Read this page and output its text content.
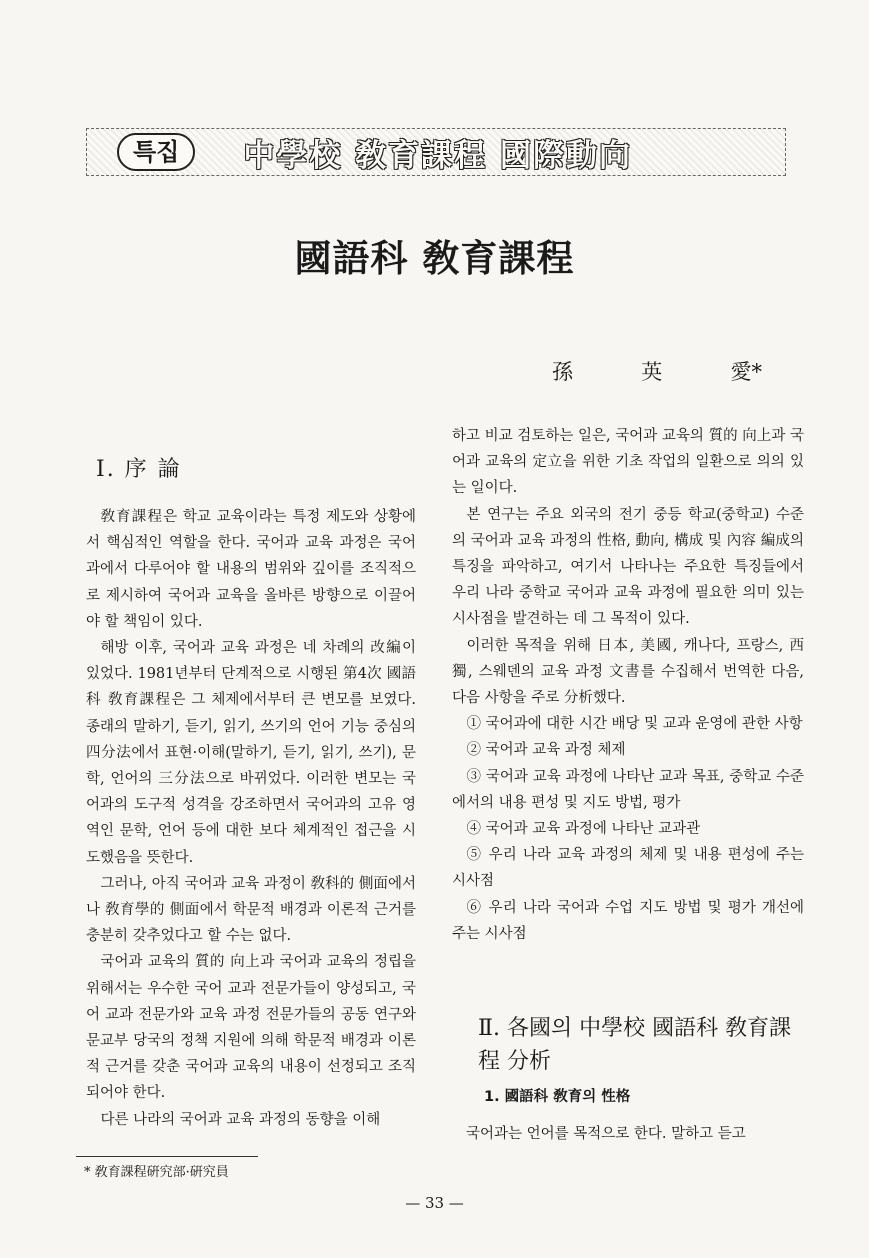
특집	中學校 敎育課程 國際動向
國語科 敎育課程
孫	英	愛*
Ⅰ. 序 論

敎育課程은 학교 교육이라는 특정 제도와 상황에서 핵심적인 역할을 한다. 국어과 교육 과정은 국어과에서 다루어야 할 내용의 범위와 깊이를 조직적으로 제시하여 국어과 교육을 올바른 방향으로 이끌어야 할 책임이 있다.

해방 이후, 국어과 교육 과정은 네 차례의 改編이 있었다. 1981년부터 단계적으로 시행된 第4次 國語科 敎育課程은 그 체제에서부터 큰 변모를 보였다. 종래의 말하기, 듣기, 읽기, 쓰기의 언어 기능 중심의 四分法에서 표현·이해(말하기, 듣기, 읽기, 쓰기), 문학, 언어의 三分法으로 바뀌었다. 이러한 변모는 국어과의 도구적 성격을 강조하면서 국어과의 고유 영역인 문학, 언어 등에 대한 보다 체계적인 접근을 시도했음을 뜻한다.

그러나, 아직 국어과 교육 과정이 敎科的 側面에서나 敎育學的 側面에서 학문적 배경과 이론적 근거를 충분히 갖추었다고 할 수는 없다.

국어과 교육의 質的 向上과 국어과 교육의 정립을 위해서는 우수한 국어 교과 전문가들이 양성되고, 국어 교과 전문가와 교육 과정 전문가들의 공동 연구와 문교부 당국의 정책 지원에 의해 학문적 배경과 이론적 근거를 갖춘 국어과 교육의 내용이 선정되고 조직되어야 한다.

다른 나라의 국어과 교육 과정의 동향을 이해

하고 비교 검토하는 일은, 국어과 교육의 質的 向上과 국어과 교육의 定立을 위한 기초 작업의 일환으로 의의 있는 일이다.

본 연구는 주요 외국의 전기 중등 학교(중학교) 수준의 국어과 교육 과정의 性格, 動向, 構成 및 內容 編成의 특징을 파악하고, 여기서 나타나는 주요한 특징들에서 우리 나라 중학교 국어과 교육 과정에 필요한 의미 있는 시사점을 발견하는 데 그 목적이 있다.

이러한 목적을 위해 日本, 美國, 캐나다, 프랑스, 西獨, 스웨덴의 교육 과정 文書를 수집해서 번역한 다음, 다음 사항을 주로 分析했다.

① 국어과에 대한 시간 배당 및 교과 운영에 관한 사항

② 국어과 교육 과정 체제

③ 국어과 교육 과정에 나타난 교과 목표, 중학교 수준에서의 내용 편성 및 지도 방법, 평가

④ 국어과 교육 과정에 나타난 교과관

⑤ 우리 나라 교육 과정의 체제 및 내용 편성에 주는 시사점

⑥ 우리 나라 국어과 수업 지도 방법 및 평가 개선에 주는 시사점

Ⅱ. 各國의 中學校 國語科 敎育課程 分析
1. 國語科 敎育의 性格

국어과는 언어를 목적으로 한다. 말하고 듣고

* 敎育課程硏究部·硏究員
— 33 —
